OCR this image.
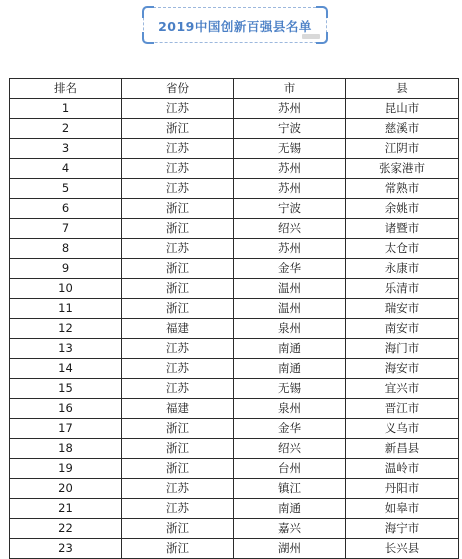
2019中国创新百强县名单
排名	省份	市	县
1	江苏	苏州	昆山市
2	浙江	宁波	慈溪市
3	江苏	无锡	江阴市
4	江苏	苏州	张家港市
5	江苏	苏州	常熟市
6	浙江	宁波	余姚市
7	浙江	绍兴	诸暨市
8	江苏	苏州	太仓市
9	浙江	金华	永康市
10	浙江	温州	乐清市
11	浙江	温州	瑞安市
12	福建	泉州	南安市
13	江苏	南通	海门市
14	江苏	南通	海安市
15	江苏	无锡	宜兴市
16	福建	泉州	晋江市
17	浙江	金华	义乌市
18	浙江	绍兴	新昌县
19	浙江	台州	温岭市
20	江苏	镇江	丹阳市
21	江苏	南通	如皋市
22	浙江	嘉兴	海宁市
23	浙江	湖州	长兴县
